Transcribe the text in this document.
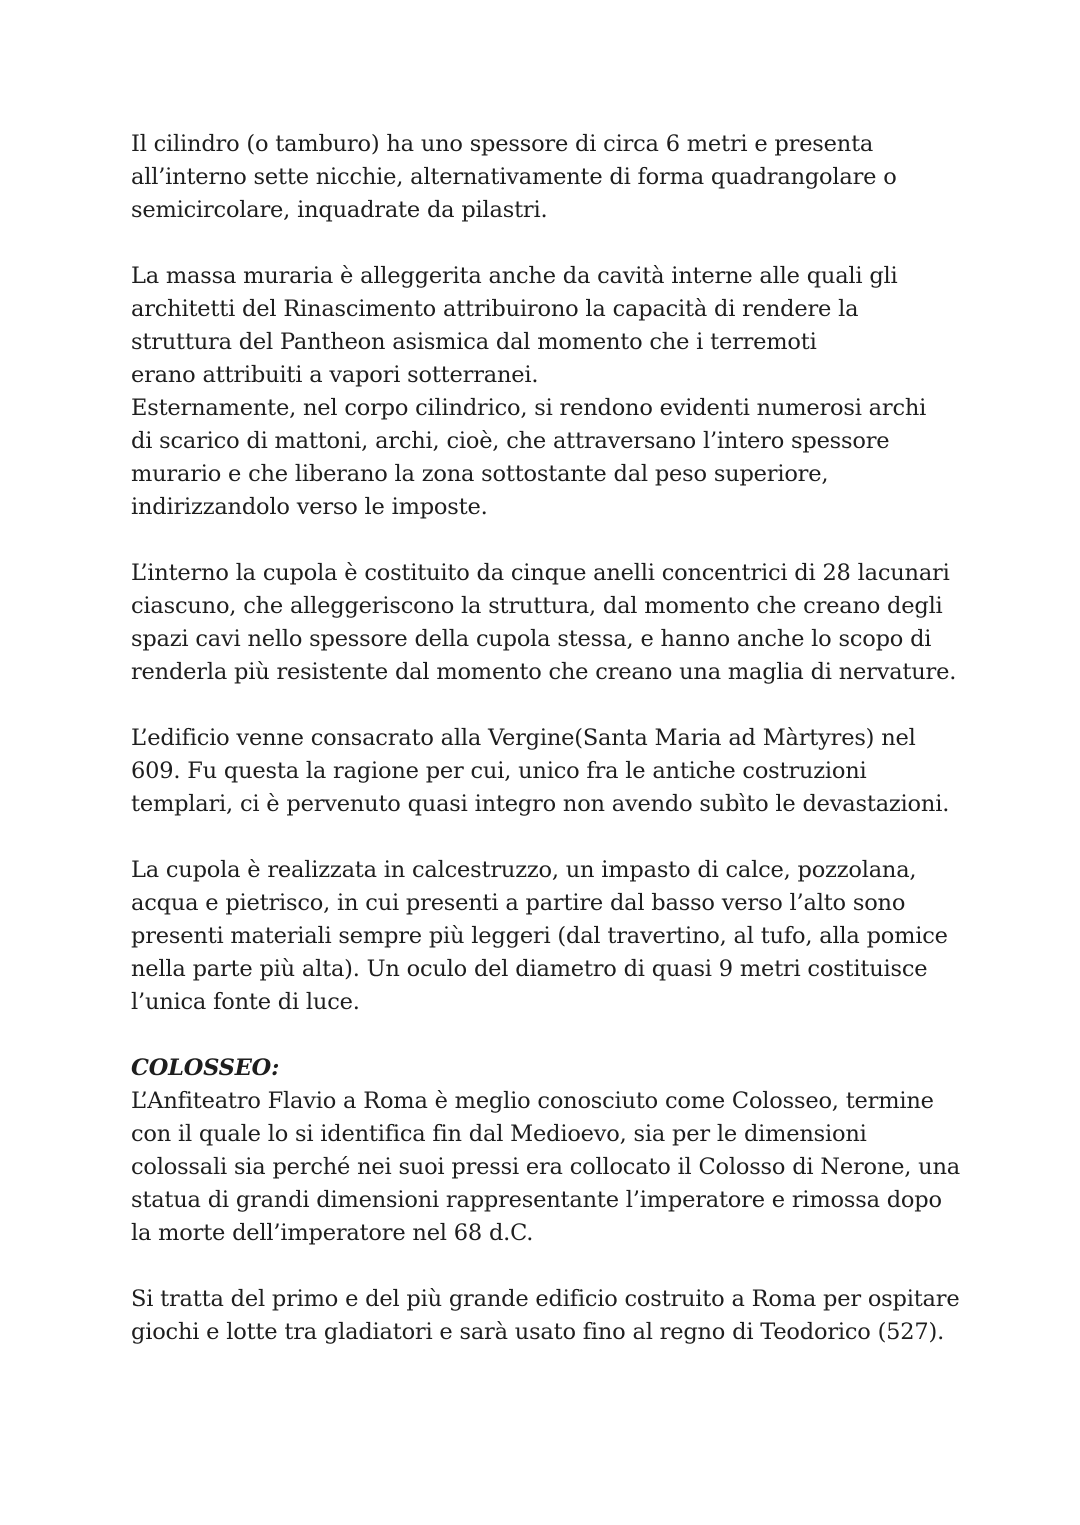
Il cilindro (o tamburo) ha uno spessore di circa 6 metri e presenta
all’interno sette nicchie, alternativamente di forma quadrangolare o
semicircolare, inquadrate da pilastri.

La massa muraria è alleggerita anche da cavità interne alle quali gli
architetti del Rinascimento attribuirono la capacità di rendere la
struttura del Pantheon asismica dal momento che i terremoti
erano attribuiti a vapori sotterranei.
Esternamente, nel corpo cilindrico, si rendono evidenti numerosi archi
di scarico di mattoni, archi, cioè, che attraversano l’intero spessore
murario e che liberano la zona sottostante dal peso superiore,
indirizzandolo verso le imposte.

L’interno la cupola è costituito da cinque anelli concentrici di 28 lacunari
ciascuno, che alleggeriscono la struttura, dal momento che creano degli
spazi cavi nello spessore della cupola stessa, e hanno anche lo scopo di
renderla più resistente dal momento che creano una maglia di nervature.

L’edificio venne consacrato alla Vergine(Santa Maria ad Màrtyres) nel
609. Fu questa la ragione per cui, unico fra le antiche costruzioni
templari, ci è pervenuto quasi integro non avendo subìto le devastazioni.

La cupola è realizzata in calcestruzzo, un impasto di calce, pozzolana,
acqua e pietrisco, in cui presenti a partire dal basso verso l’alto sono
presenti materiali sempre più leggeri (dal travertino, al tufo, alla pomice
nella parte più alta). Un oculo del diametro di quasi 9 metri costituisce
l’unica fonte di luce.

COLOSSEO:
L’Anfiteatro Flavio a Roma è meglio conosciuto come Colosseo, termine
con il quale lo si identifica fin dal Medioevo, sia per le dimensioni
colossali sia perché nei suoi pressi era collocato il Colosso di Nerone, una
statua di grandi dimensioni rappresentante l’imperatore e rimossa dopo
la morte dell’imperatore nel 68 d.C.

Si tratta del primo e del più grande edificio costruito a Roma per ospitare
giochi e lotte tra gladiatori e sarà usato fino al regno di Teodorico (527).
